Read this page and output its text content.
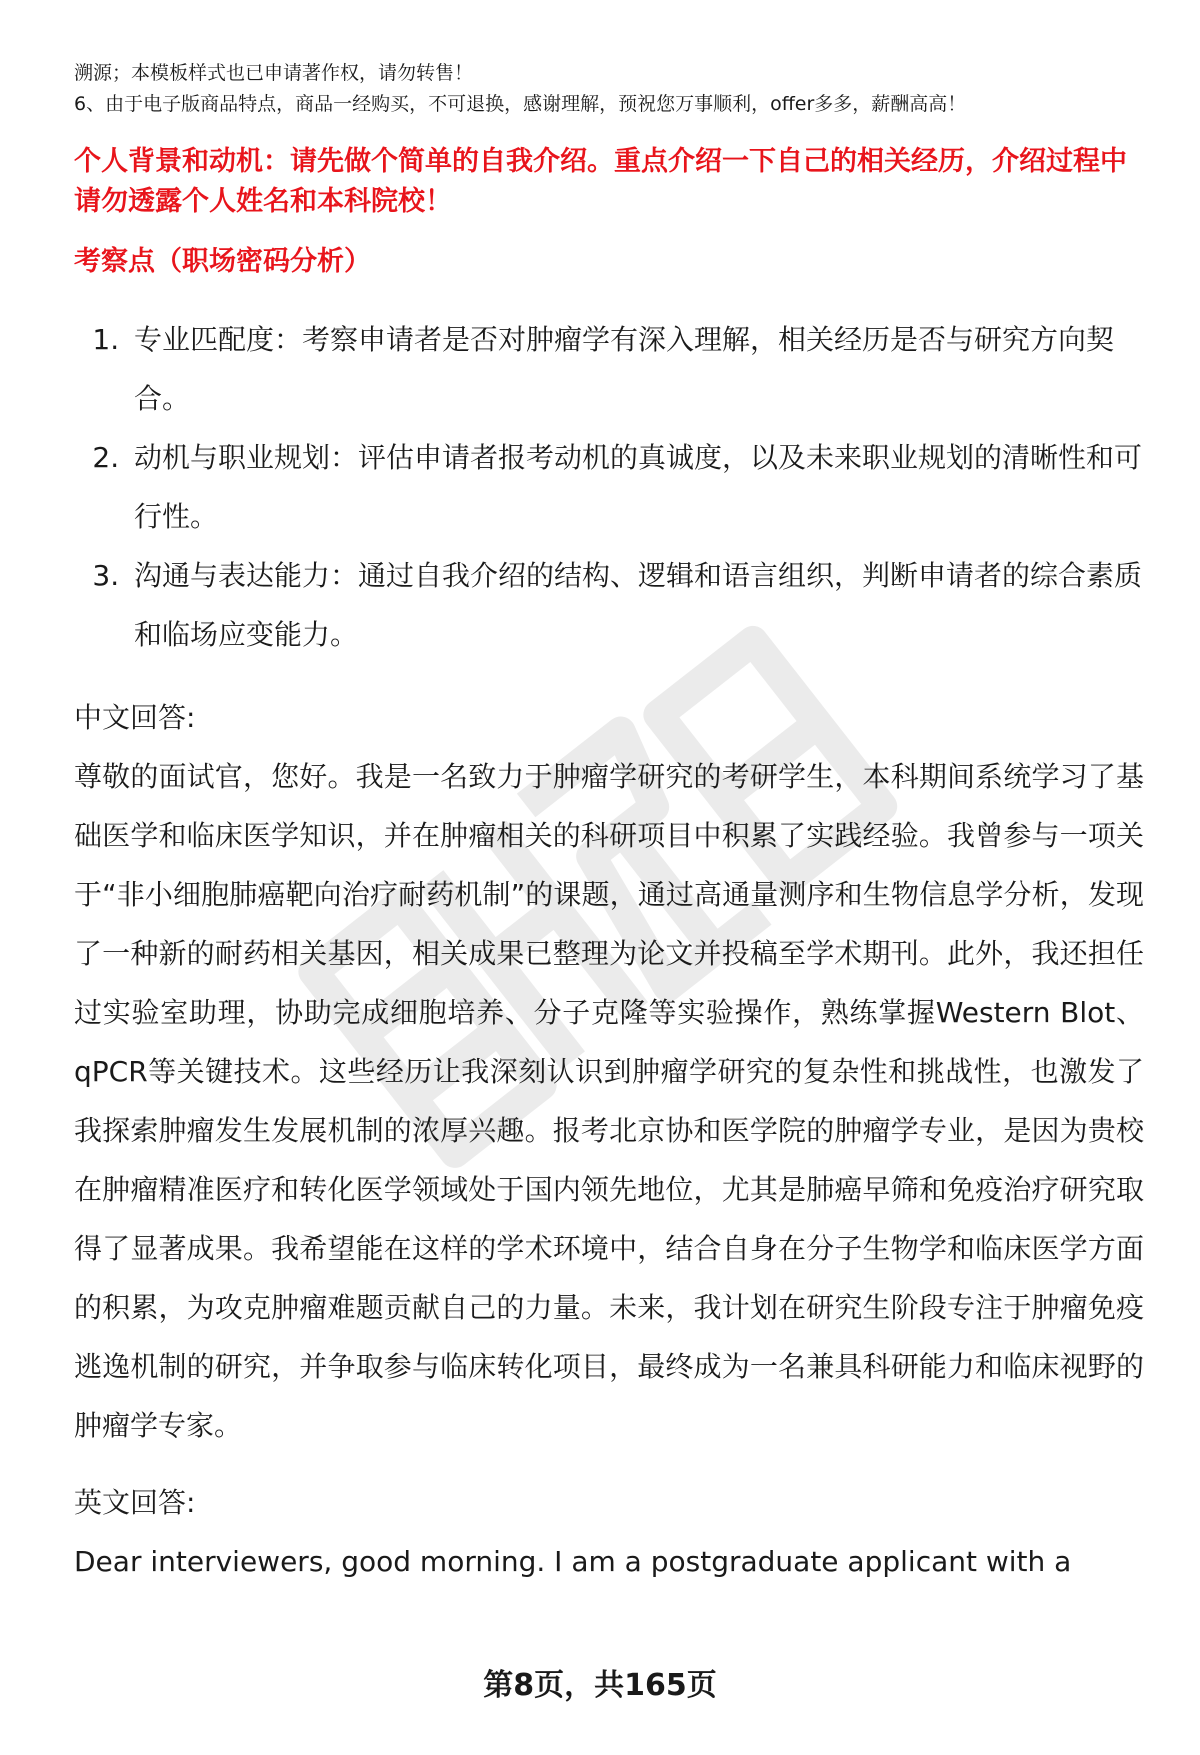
溯源；本模板样式也已申请著作权，请勿转售！

6、由于电子版商品特点，商品一经购买，不可退换，感谢理解，预祝您万事顺利，offer多多，薪酬高高！

个人背景和动机：请先做个简单的自我介绍。重点介绍一下自己的相关经历，介绍过程中请勿透露个人姓名和本科院校！

考察点（职场密码分析）

1. 专业匹配度：考察申请者是否对肿瘤学有深入理解，相关经历是否与研究方向契合。
2. 动机与职业规划：评估申请者报考动机的真诚度，以及未来职业规划的清晰性和可行性。
3. 沟通与表达能力：通过自我介绍的结构、逻辑和语言组织，判断申请者的综合素质和临场应变能力。

中文回答:

尊敬的面试官，您好。我是一名致力于肿瘤学研究的考研学生，本科期间系统学习了基础医学和临床医学知识，并在肿瘤相关的科研项目中积累了实践经验。我曾参与一项关于“非小细胞肺癌靶向治疗耐药机制”的课题，通过高通量测序和生物信息学分析，发现了一种新的耐药相关基因，相关成果已整理为论文并投稿至学术期刊。此外，我还担任过实验室助理，协助完成细胞培养、分子克隆等实验操作，熟练掌握Western Blot、qPCR等关键技术。这些经历让我深刻认识到肿瘤学研究的复杂性和挑战性，也激发了我探索肿瘤发生发展机制的浓厚兴趣。报考北京协和医学院的肿瘤学专业，是因为贵校在肿瘤精准医疗和转化医学领域处于国内领先地位，尤其是肺癌早筛和免疫治疗研究取得了显著成果。我希望能在这样的学术环境中，结合自身在分子生物学和临床医学方面的积累，为攻克肿瘤难题贡献自己的力量。未来，我计划在研究生阶段专注于肿瘤免疫逃逸机制的研究，并争取参与临床转化项目，最终成为一名兼具科研能力和临床视野的肿瘤学专家。

英文回答:

Dear interviewers, good morning. I am a postgraduate applicant with a

第8页，共165页
